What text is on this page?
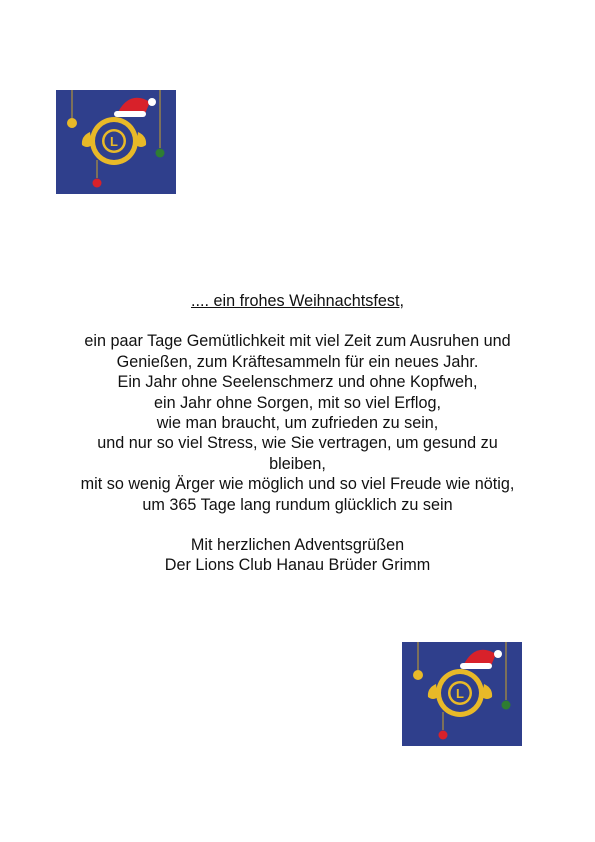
L
.... ein frohes Weihnachtsfest,
ein paar Tage Gemütlichkeit mit viel Zeit zum Ausruhen und
Genießen, zum Kräftesammeln für ein neues Jahr.
Ein Jahr ohne Seelenschmerz und ohne Kopfweh,
ein Jahr ohne Sorgen, mit so viel Erflog,
wie man braucht, um zufrieden zu sein,
und nur so viel Stress, wie Sie vertragen, um gesund zu
bleiben,
mit so wenig Ärger wie möglich und so viel Freude wie nötig,
um 365 Tage lang rundum glücklich zu sein
Mit herzlichen Adventsgrüßen
Der Lions Club Hanau Brüder Grimm
L
